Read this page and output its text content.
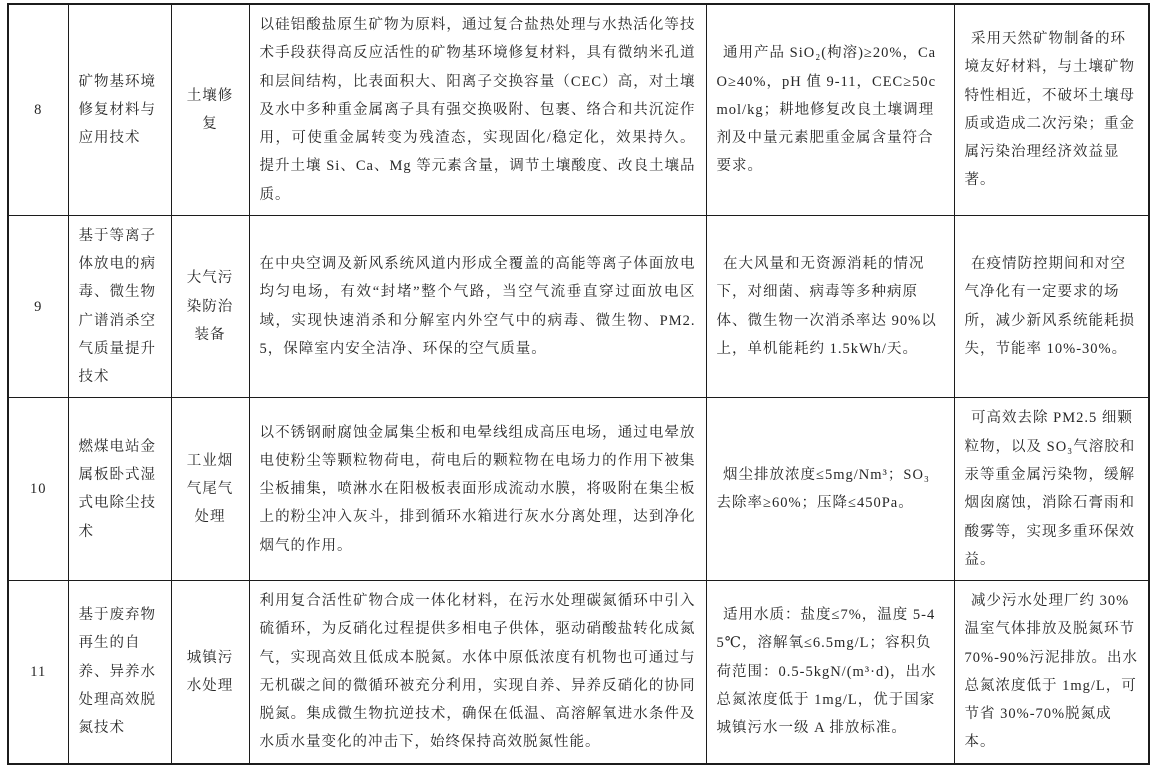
8	矿物基环境修复材料与应用技术	土壤修复	以硅铝酸盐原生矿物为原料，通过复合盐热处理与水热活化等技术手段获得高反应活性的矿物基环境修复材料，具有微纳米孔道和层间结构，比表面积大、阳离子交换容量（CEC）高，对土壤及水中多种重金属离子具有强交换吸附、包裹、络合和共沉淀作用，可使重金属转变为残渣态，实现固化/稳定化，效果持久。提升土壤 Si、Ca、Mg 等元素含量，调节土壤酸度、改良土壤品质。	通用产品 SiO₂(枸溶)≥20%，CaO≥40%，pH 值 9-11，CEC≥50cmol/kg；耕地修复改良土壤调理剂及中量元素肥重金属含量符合要求。	采用天然矿物制备的环境友好材料，与土壤矿物特性相近，不破坏土壤母质或造成二次污染；重金属污染治理经济效益显著。
9	基于等离子体放电的病毒、微生物广谱消杀空气质量提升技术	大气污染防治装备	在中央空调及新风系统风道内形成全覆盖的高能等离子体面放电均匀电场，有效“封堵”整个气路，当空气流垂直穿过面放电区域，实现快速消杀和分解室内外空气中的病毒、微生物、PM2.5，保障室内安全洁净、环保的空气质量。	在大风量和无资源消耗的情况下，对细菌、病毒等多种病原体、微生物一次消杀率达 90%以上，单机能耗约 1.5kWh/天。	在疫情防控期间和对空气净化有一定要求的场所，减少新风系统能耗损失，节能率 10%-30%。
10	燃煤电站金属板卧式湿式电除尘技术	工业烟气尾气处理	以不锈钢耐腐蚀金属集尘板和电晕线组成高压电场，通过电晕放电使粉尘等颗粒物荷电，荷电后的颗粒物在电场力的作用下被集尘板捕集，喷淋水在阳极板表面形成流动水膜，将吸附在集尘板上的粉尘冲入灰斗，排到循环水箱进行灰水分离处理，达到净化烟气的作用。	烟尘排放浓度≤5mg/Nm³；SO₃去除率≥60%；压降≤450Pa。	可高效去除 PM2.5 细颗粒物，以及 SO₃气溶胶和汞等重金属污染物，缓解烟囱腐蚀，消除石膏雨和酸雾等，实现多重环保效益。
11	基于废弃物再生的自养、异养水处理高效脱氮技术	城镇污水处理	利用复合活性矿物合成一体化材料，在污水处理碳氮循环中引入硫循环，为反硝化过程提供多相电子供体，驱动硝酸盐转化成氮气，实现高效且低成本脱氮。水体中原低浓度有机物也可通过与无机碳之间的微循环被充分利用，实现自养、异养反硝化的协同脱氮。集成微生物抗逆技术，确保在低温、高溶解氧进水条件及水质水量变化的冲击下，始终保持高效脱氮性能。	适用水质：盐度≤7%，温度 5-45℃，溶解氧≤6.5mg/L；容积负荷范围：0.5-5kgN/(m³·d)，出水总氮浓度低于 1mg/L，优于国家城镇污水一级 A 排放标准。	减少污水处理厂约 30%温室气体排放及脱氮环节 70%-90%污泥排放。出水总氮浓度低于 1mg/L，可节省 30%-70%脱氮成本。
